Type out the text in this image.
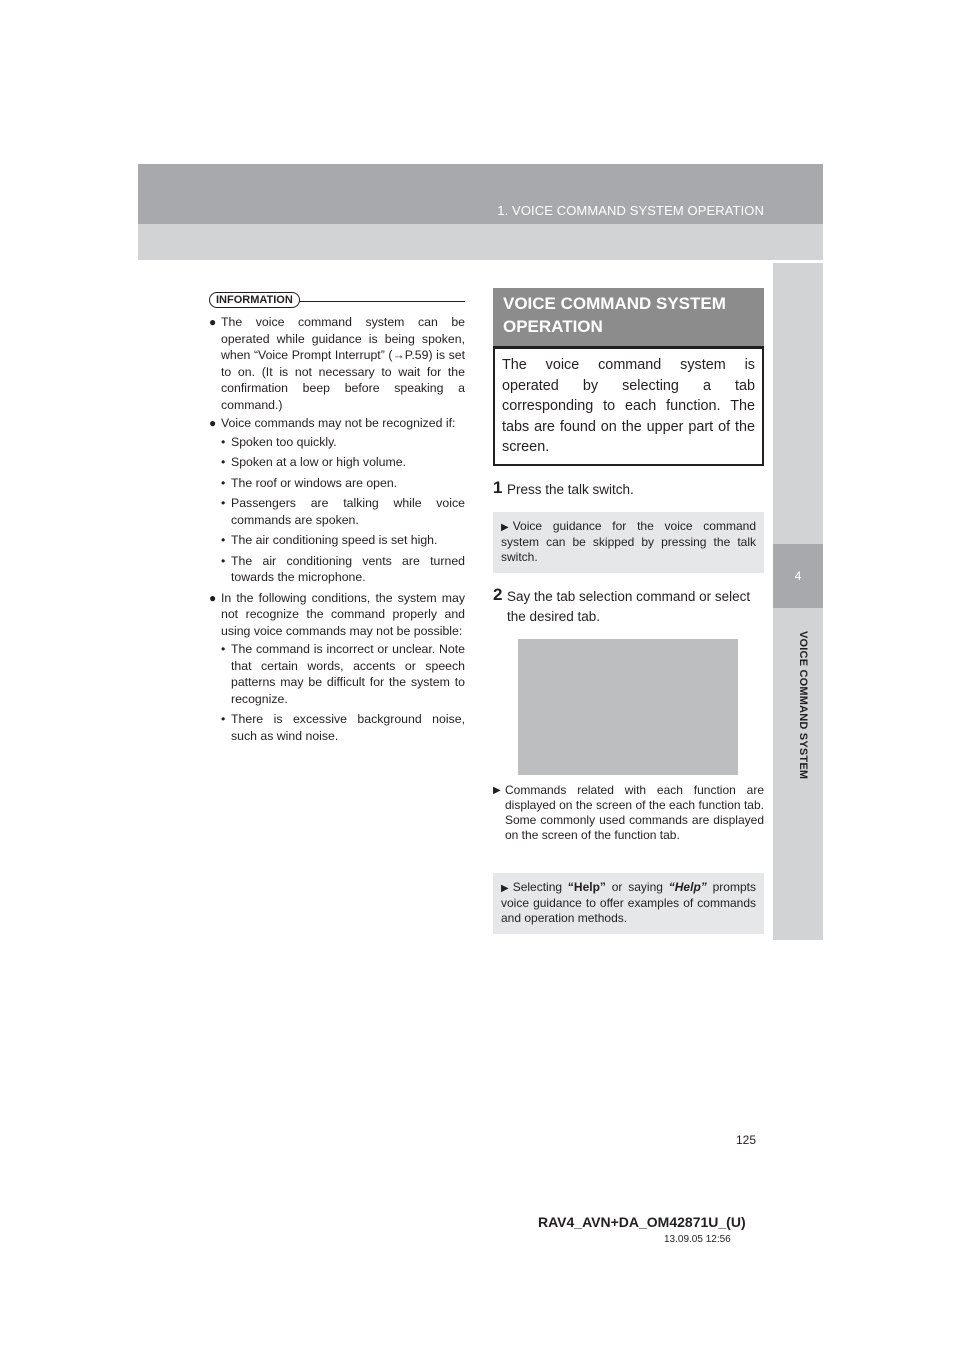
1. VOICE COMMAND SYSTEM OPERATION
4
VOICE COMMAND SYSTEM
INFORMATION
● The voice command system can be operated while guidance is being spoken, when “Voice Prompt Interrupt” (→P.59) is set to on. (It is not necessary to wait for the confirmation beep before speaking a command.)
● Voice commands may not be recognized if:
• Spoken too quickly.
• Spoken at a low or high volume.
• The roof or windows are open.
• Passengers are talking while voice commands are spoken.
• The air conditioning speed is set high.
• The air conditioning vents are turned towards the microphone.
● In the following conditions, the system may not recognize the command properly and using voice commands may not be possible:
• The command is incorrect or unclear. Note that certain words, accents or speech patterns may be difficult for the system to recognize.
• There is excessive background noise, such as wind noise.
VOICE COMMAND SYSTEM OPERATION
The voice command system is operated by selecting a tab corresponding to each function. The tabs are found on the upper part of the screen.
1 Press the talk switch.
▶ Voice guidance for the voice command system can be skipped by pressing the talk switch.
2 Say the tab selection command or select the desired tab.
▶ Commands related with each function are displayed on the screen of the each function tab. Some commonly used commands are displayed on the screen of the function tab.
▶ Selecting “Help” or saying “Help” prompts voice guidance to offer examples of commands and operation methods.
125
RAV4_AVN+DA_OM42871U_(U)
13.09.05 12:56
